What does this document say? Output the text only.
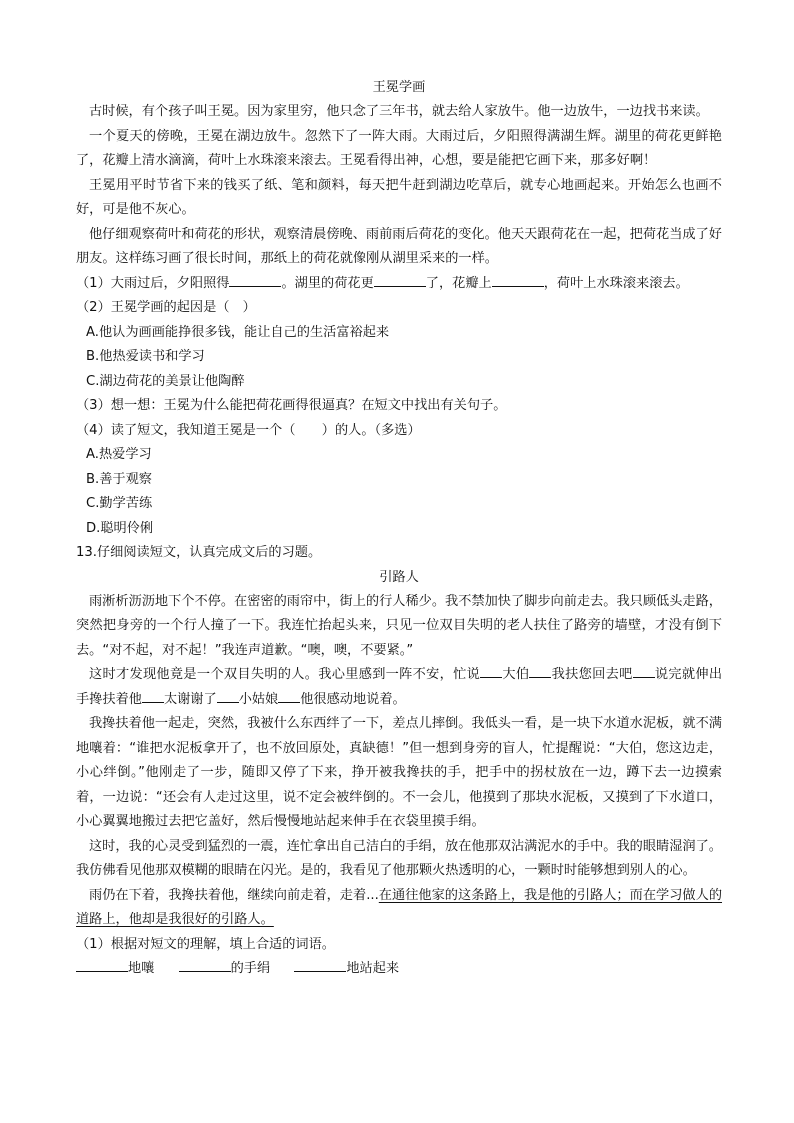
王冕学画

古时候，有个孩子叫王冕。因为家里穷，他只念了三年书，就去给人家放牛。他一边放牛，一边找书来读。

一个夏天的傍晚，王冕在湖边放牛。忽然下了一阵大雨。大雨过后，夕阳照得满湖生辉。湖里的荷花更鲜艳了，花瓣上清水滴滴，荷叶上水珠滚来滚去。王冕看得出神，心想，要是能把它画下来，那多好啊！

王冕用平时节省下来的钱买了纸、笔和颜料，每天把牛赶到湖边吃草后，就专心地画起来。开始怎么也画不好，可是他不灰心。

他仔细观察荷叶和荷花的形状，观察清晨傍晚、雨前雨后荷花的变化。他天天跟荷花在一起，把荷花当成了好朋友。这样练习画了很长时间，那纸上的荷花就像刚从湖里采来的一样。

（1）大雨过后，夕阳照得	。湖里的荷花更	了，花瓣上	，荷叶上水珠滚来滚去。

（2）王冕学画的起因是（　）

A.他认为画画能挣很多钱，能让自己的生活富裕起来

B.他热爱读书和学习

C.湖边荷花的美景让他陶醉

（3）想一想：王冕为什么能把荷花画得很逼真？在短文中找出有关句子。

（4）读了短文，我知道王冕是一个（　　）的人。（多选）

A.热爱学习

B.善于观察

C.勤学苦练

D.聪明伶俐

13.仔细阅读短文，认真完成文后的习题。

引路人

雨淅析沥沥地下个不停。在密密的雨帘中，街上的行人稀少。我不禁加快了脚步向前走去。我只顾低头走路，突然把身旁的一个行人撞了一下。我连忙抬起头来，只见一位双目失明的老人扶住了路旁的墙壁，才没有倒下去。“对不起，对不起！”我连声道歉。“噢，噢，不要紧。”

这时才发现他竟是一个双目失明的人。我心里感到一阵不安，忙说 大伯 我扶您回去吧 说完就伸出手搀扶着他 太谢谢了 小姑娘 他很感动地说着。

我搀扶着他一起走，突然，我被什么东西绊了一下，差点儿摔倒。我低头一看，是一块下水道水泥板，就不满地嚷着：“谁把水泥板拿开了，也不放回原处，真缺德！”但一想到身旁的盲人，忙提醒说：“大伯，您这边走，小心绊倒。”他刚走了一步，随即又停了下来，挣开被我搀扶的手，把手中的拐杖放在一边，蹲下去一边摸索着，一边说：“还会有人走过这里，说不定会被绊倒的。不一会儿，他摸到了那块水泥板，又摸到了下水道口，小心翼翼地搬过去把它盖好，然后慢慢地站起来伸手在衣袋里摸手绢。

这时，我的心灵受到猛烈的一震，连忙拿出自己洁白的手绢，放在他那双沾满泥水的手中。我的眼睛湿润了。我仿佛看见他那双模糊的眼睛在闪光。是的，我看见了他那颗火热透明的心，一颗时时能够想到别人的心。

雨仍在下着，我搀扶着他，继续向前走着，走着...在通往他家的这条路上，我是他的引路人；而在学习做人的道路上，他却是我很好的引路人。

（1）根据对短文的理解，填上合适的词语。

地嚷	的手绢	地站起来
